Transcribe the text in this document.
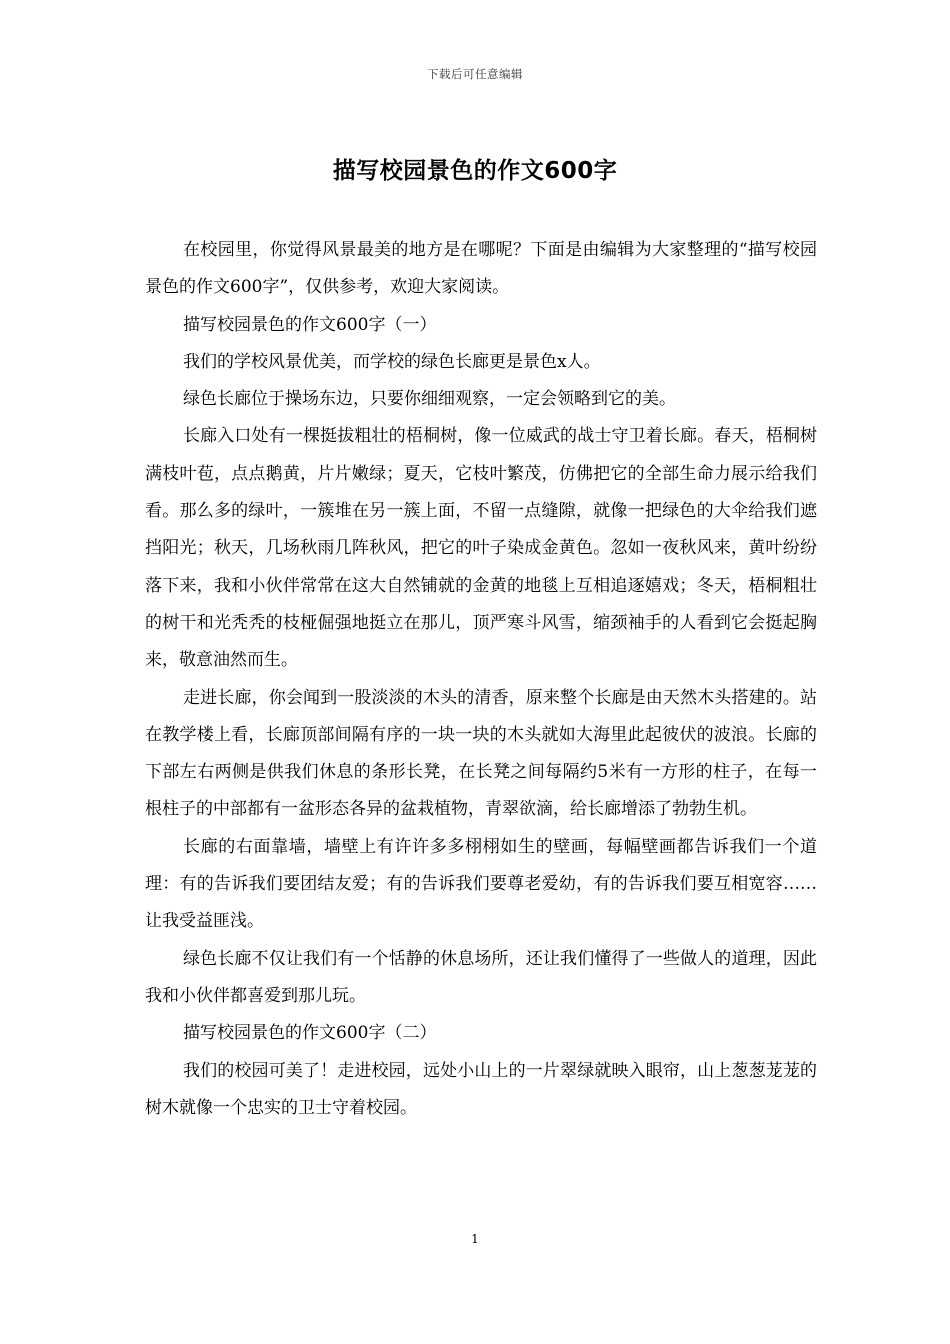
下载后可任意编辑
描写校园景色的作文600字

在校园里，你觉得风景最美的地方是在哪呢？下面是由编辑为大家整理的“描写校园景色的作文600字”，仅供参考，欢迎大家阅读。

描写校园景色的作文600字（一）

我们的学校风景优美，而学校的绿色长廊更是景色x人。

绿色长廊位于操场东边，只要你细细观察，一定会领略到它的美。

长廊入口处有一棵挺拔粗壮的梧桐树，像一位威武的战士守卫着长廊。春天，梧桐树满枝叶苞，点点鹅黄，片片嫩绿；夏天，它枝叶繁茂，仿佛把它的全部生命力展示给我们看。那么多的绿叶，一簇堆在另一簇上面，不留一点缝隙，就像一把绿色的大伞给我们遮挡阳光；秋天，几场秋雨几阵秋风，把它的叶子染成金黄色。忽如一夜秋风来，黄叶纷纷落下来，我和小伙伴常常在这大自然铺就的金黄的地毯上互相追逐嬉戏；冬天，梧桐粗壮的树干和光秃秃的枝桠倔强地挺立在那儿，顶严寒斗风雪，缩颈袖手的人看到它会挺起胸来，敬意油然而生。

走进长廊，你会闻到一股淡淡的木头的清香，原来整个长廊是由天然木头搭建的。站在教学楼上看，长廊顶部间隔有序的一块一块的木头就如大海里此起彼伏的波浪。长廊的下部左右两侧是供我们休息的条形长凳，在长凳之间每隔约5米有一方形的柱子，在每一根柱子的中部都有一盆形态各异的盆栽植物，青翠欲滴，给长廊增添了勃勃生机。

长廊的右面靠墙，墙壁上有许许多多栩栩如生的壁画，每幅壁画都告诉我们一个道理：有的告诉我们要团结友爱；有的告诉我们要尊老爱幼，有的告诉我们要互相宽容……让我受益匪浅。

绿色长廊不仅让我们有一个恬静的休息场所，还让我们懂得了一些做人的道理，因此我和小伙伴都喜爱到那儿玩。

描写校园景色的作文600字（二）

我们的校园可美了！走进校园，远处小山上的一片翠绿就映入眼帘，山上葱葱茏茏的树木就像一个忠实的卫士守着校园。

1
